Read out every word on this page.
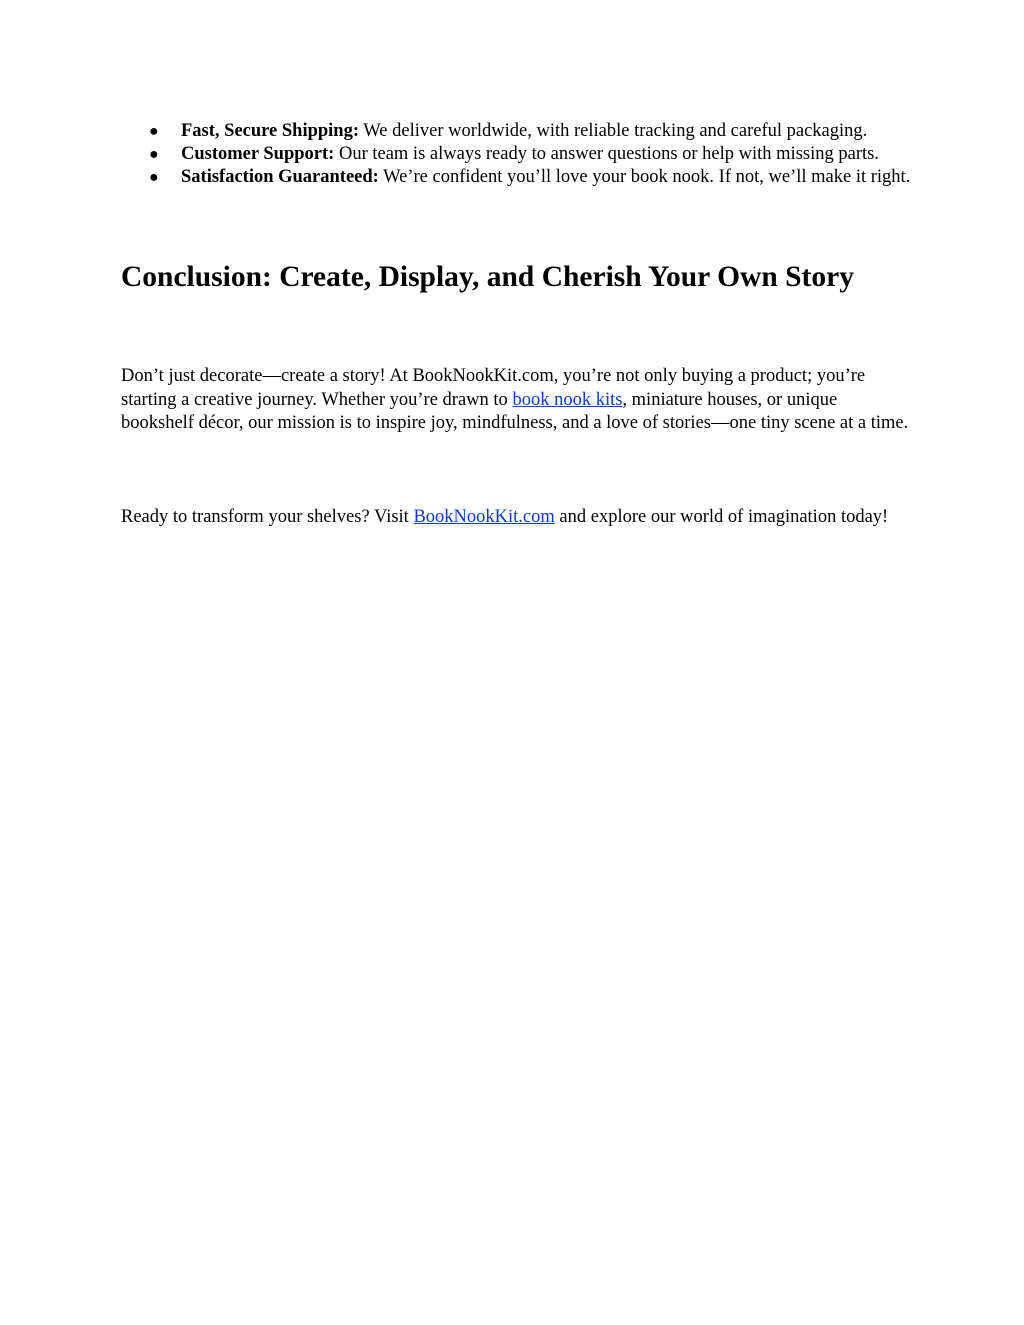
● Fast, Secure Shipping: We deliver worldwide, with reliable tracking and careful packaging.
● Customer Support: Our team is always ready to answer questions or help with missing parts.
● Satisfaction Guaranteed: We’re confident you’ll love your book nook. If not, we’ll make it right.
Conclusion: Create, Display, and Cherish Your Own Story

Don’t just decorate—create a story! At BookNookKit.com, you’re not only buying a product; you’re starting a creative journey. Whether you’re drawn to book nook kits, miniature houses, or unique bookshelf décor, our mission is to inspire joy, mindfulness, and a love of stories—one tiny scene at a time.

Ready to transform your shelves? Visit BookNookKit.com and explore our world of imagination today!
